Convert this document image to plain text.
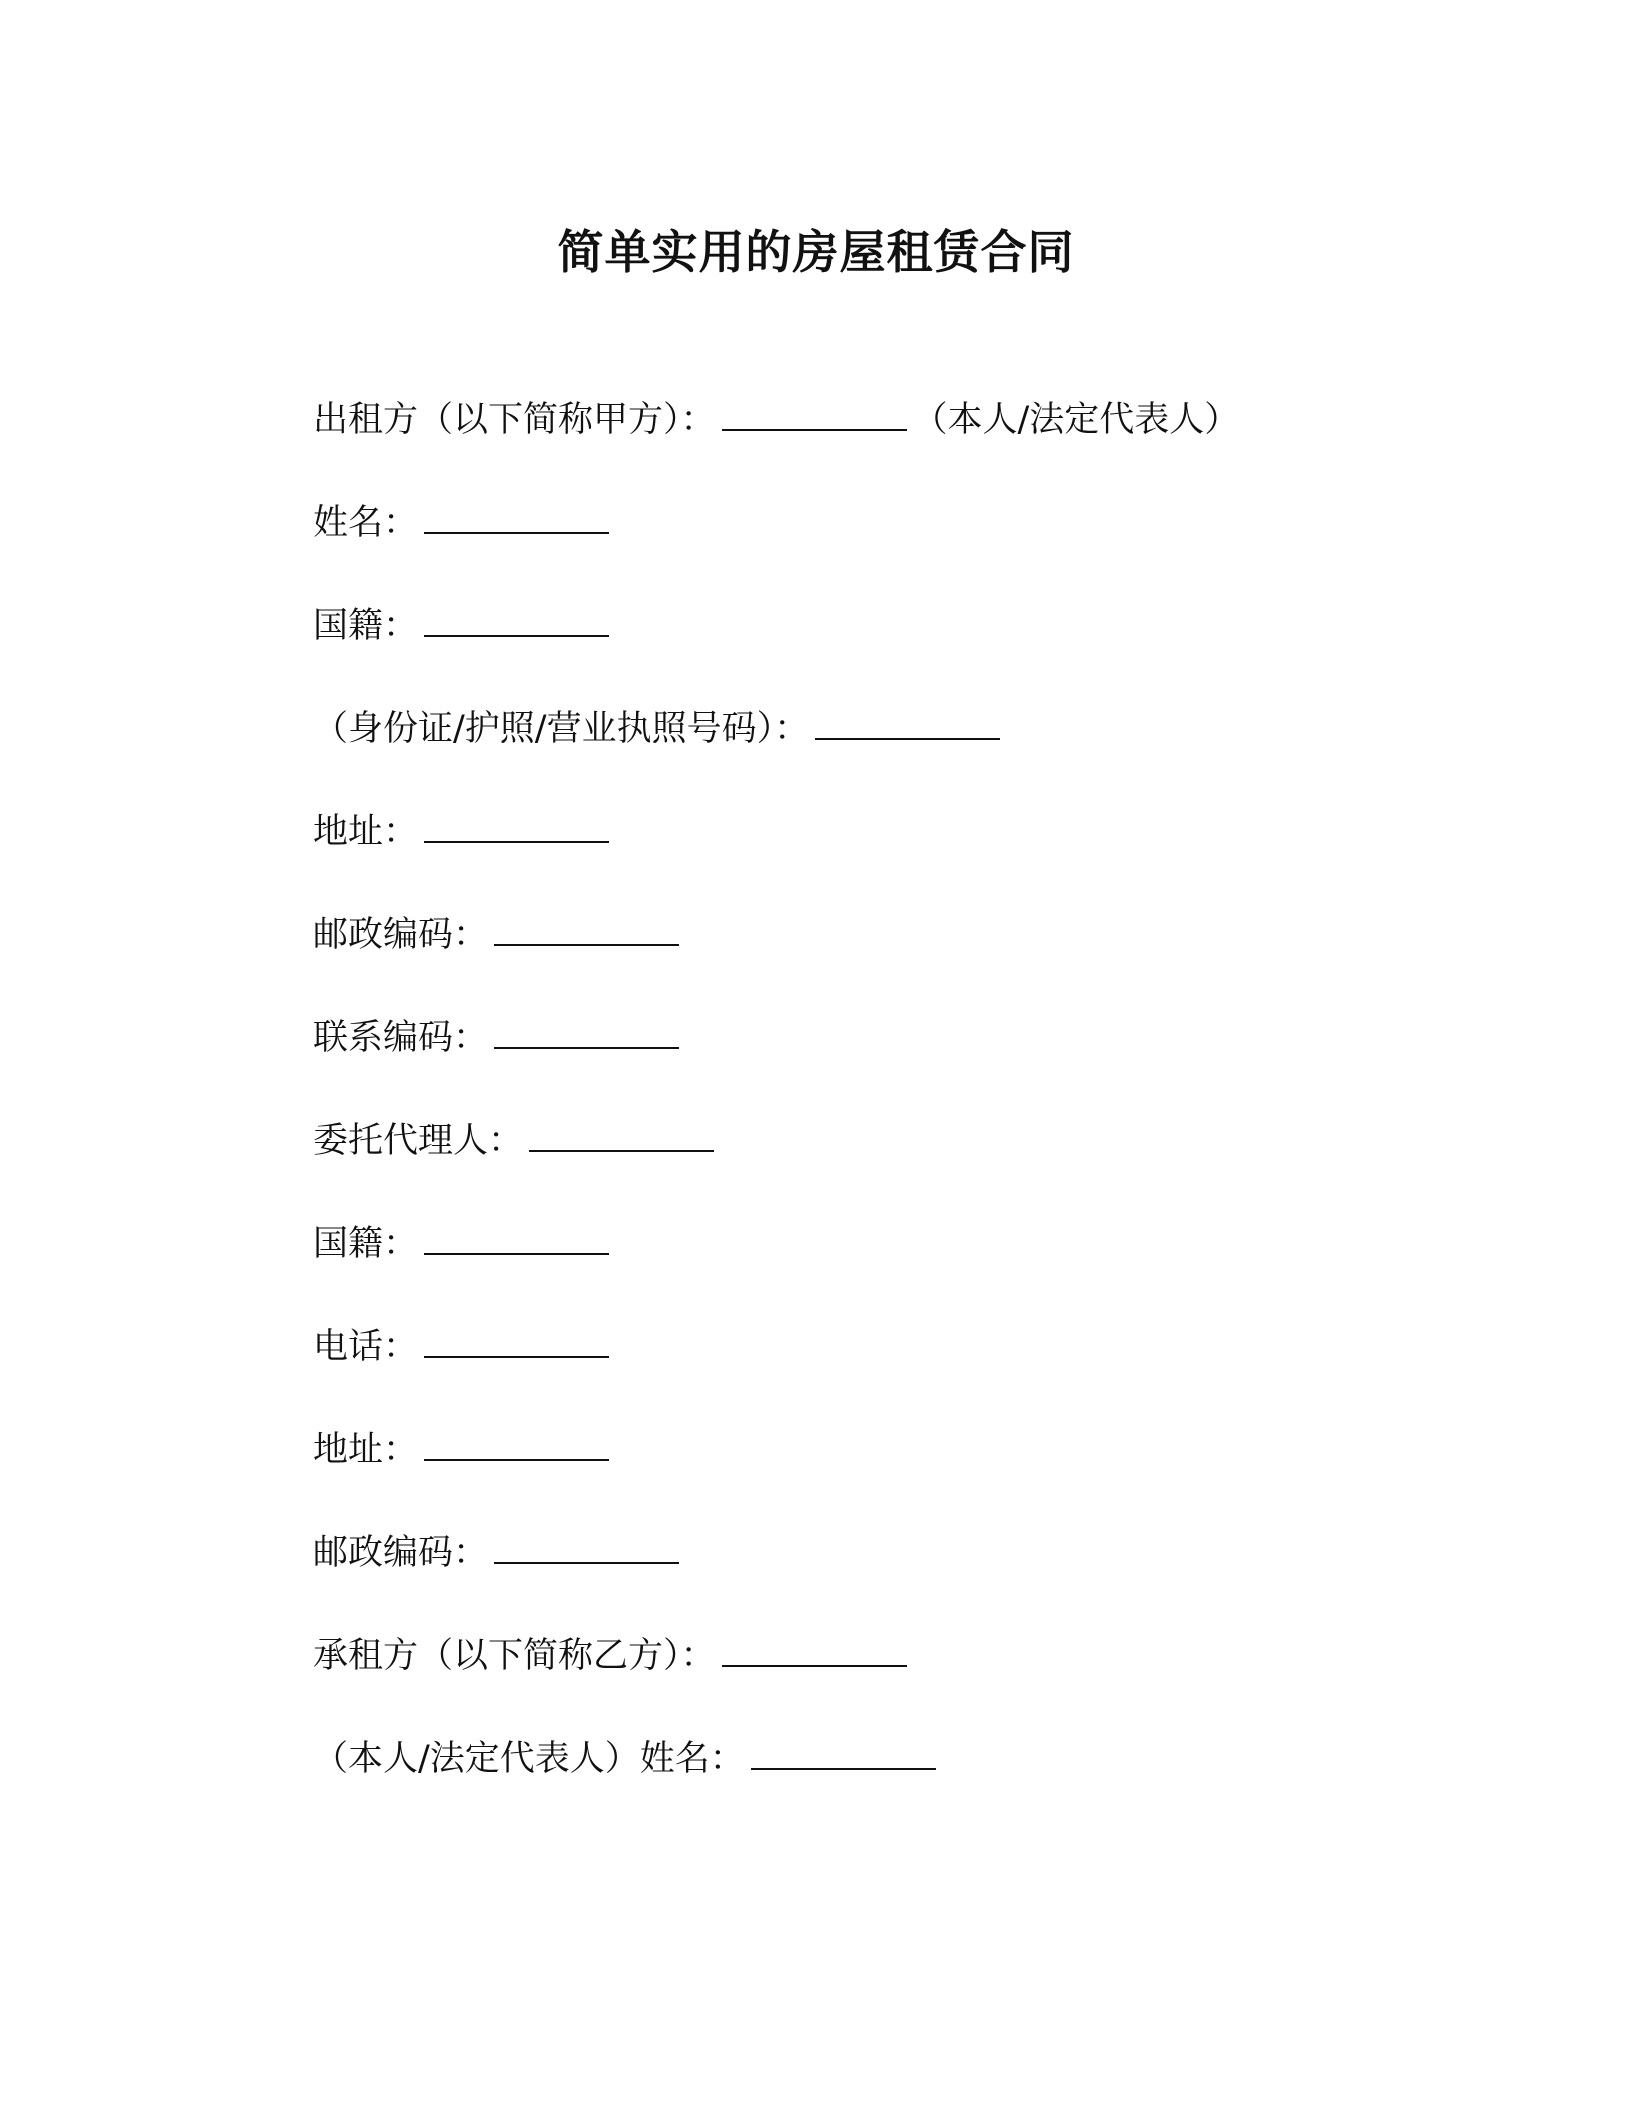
简单实用的房屋租赁合同

出租方（以下简称甲方）：	（本人/法定代表人）

姓名：

国籍：

（身份证/护照/营业执照号码）：

地址：

邮政编码：

联系编码：

委托代理人：

国籍：

电话：

地址：

邮政编码：

承租方（以下简称乙方）：

（本人/法定代表人）姓名：
